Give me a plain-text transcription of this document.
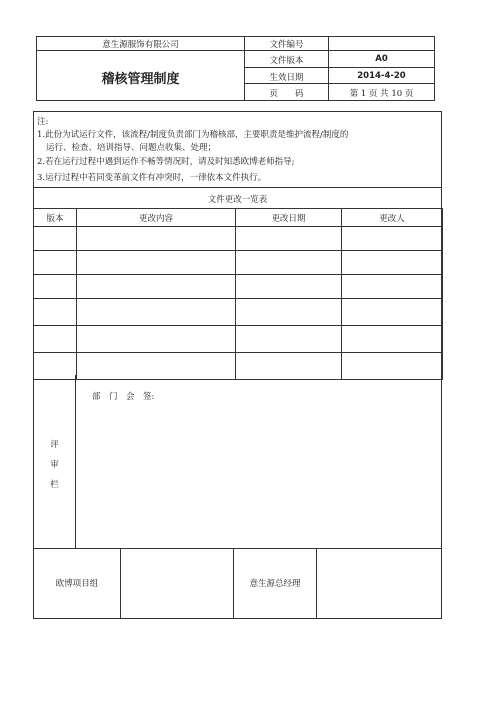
意生源服饰有限公司
稽核管理制度
文件编号
文件版本	A0
生效日期	2014-4-20
页　　码	第 1 页 共 10 页
注:
1.此份为试运行文件，该流程/制度负责部门为稽核部，主要职责是维护流程/制度的
运行、检查、培训指导、问题点收集、处理；
2.若在运行过程中遇到运作不畅等情况时，请及时知悉欧博老师指导;
3.运行过程中若同变革前文件有冲突时，一律依本文件执行。
文件更改一览表
版本	更改内容	更改日期	更改人

评
审
栏
部　门　会　签:
欧博项目组	意生源总经理
